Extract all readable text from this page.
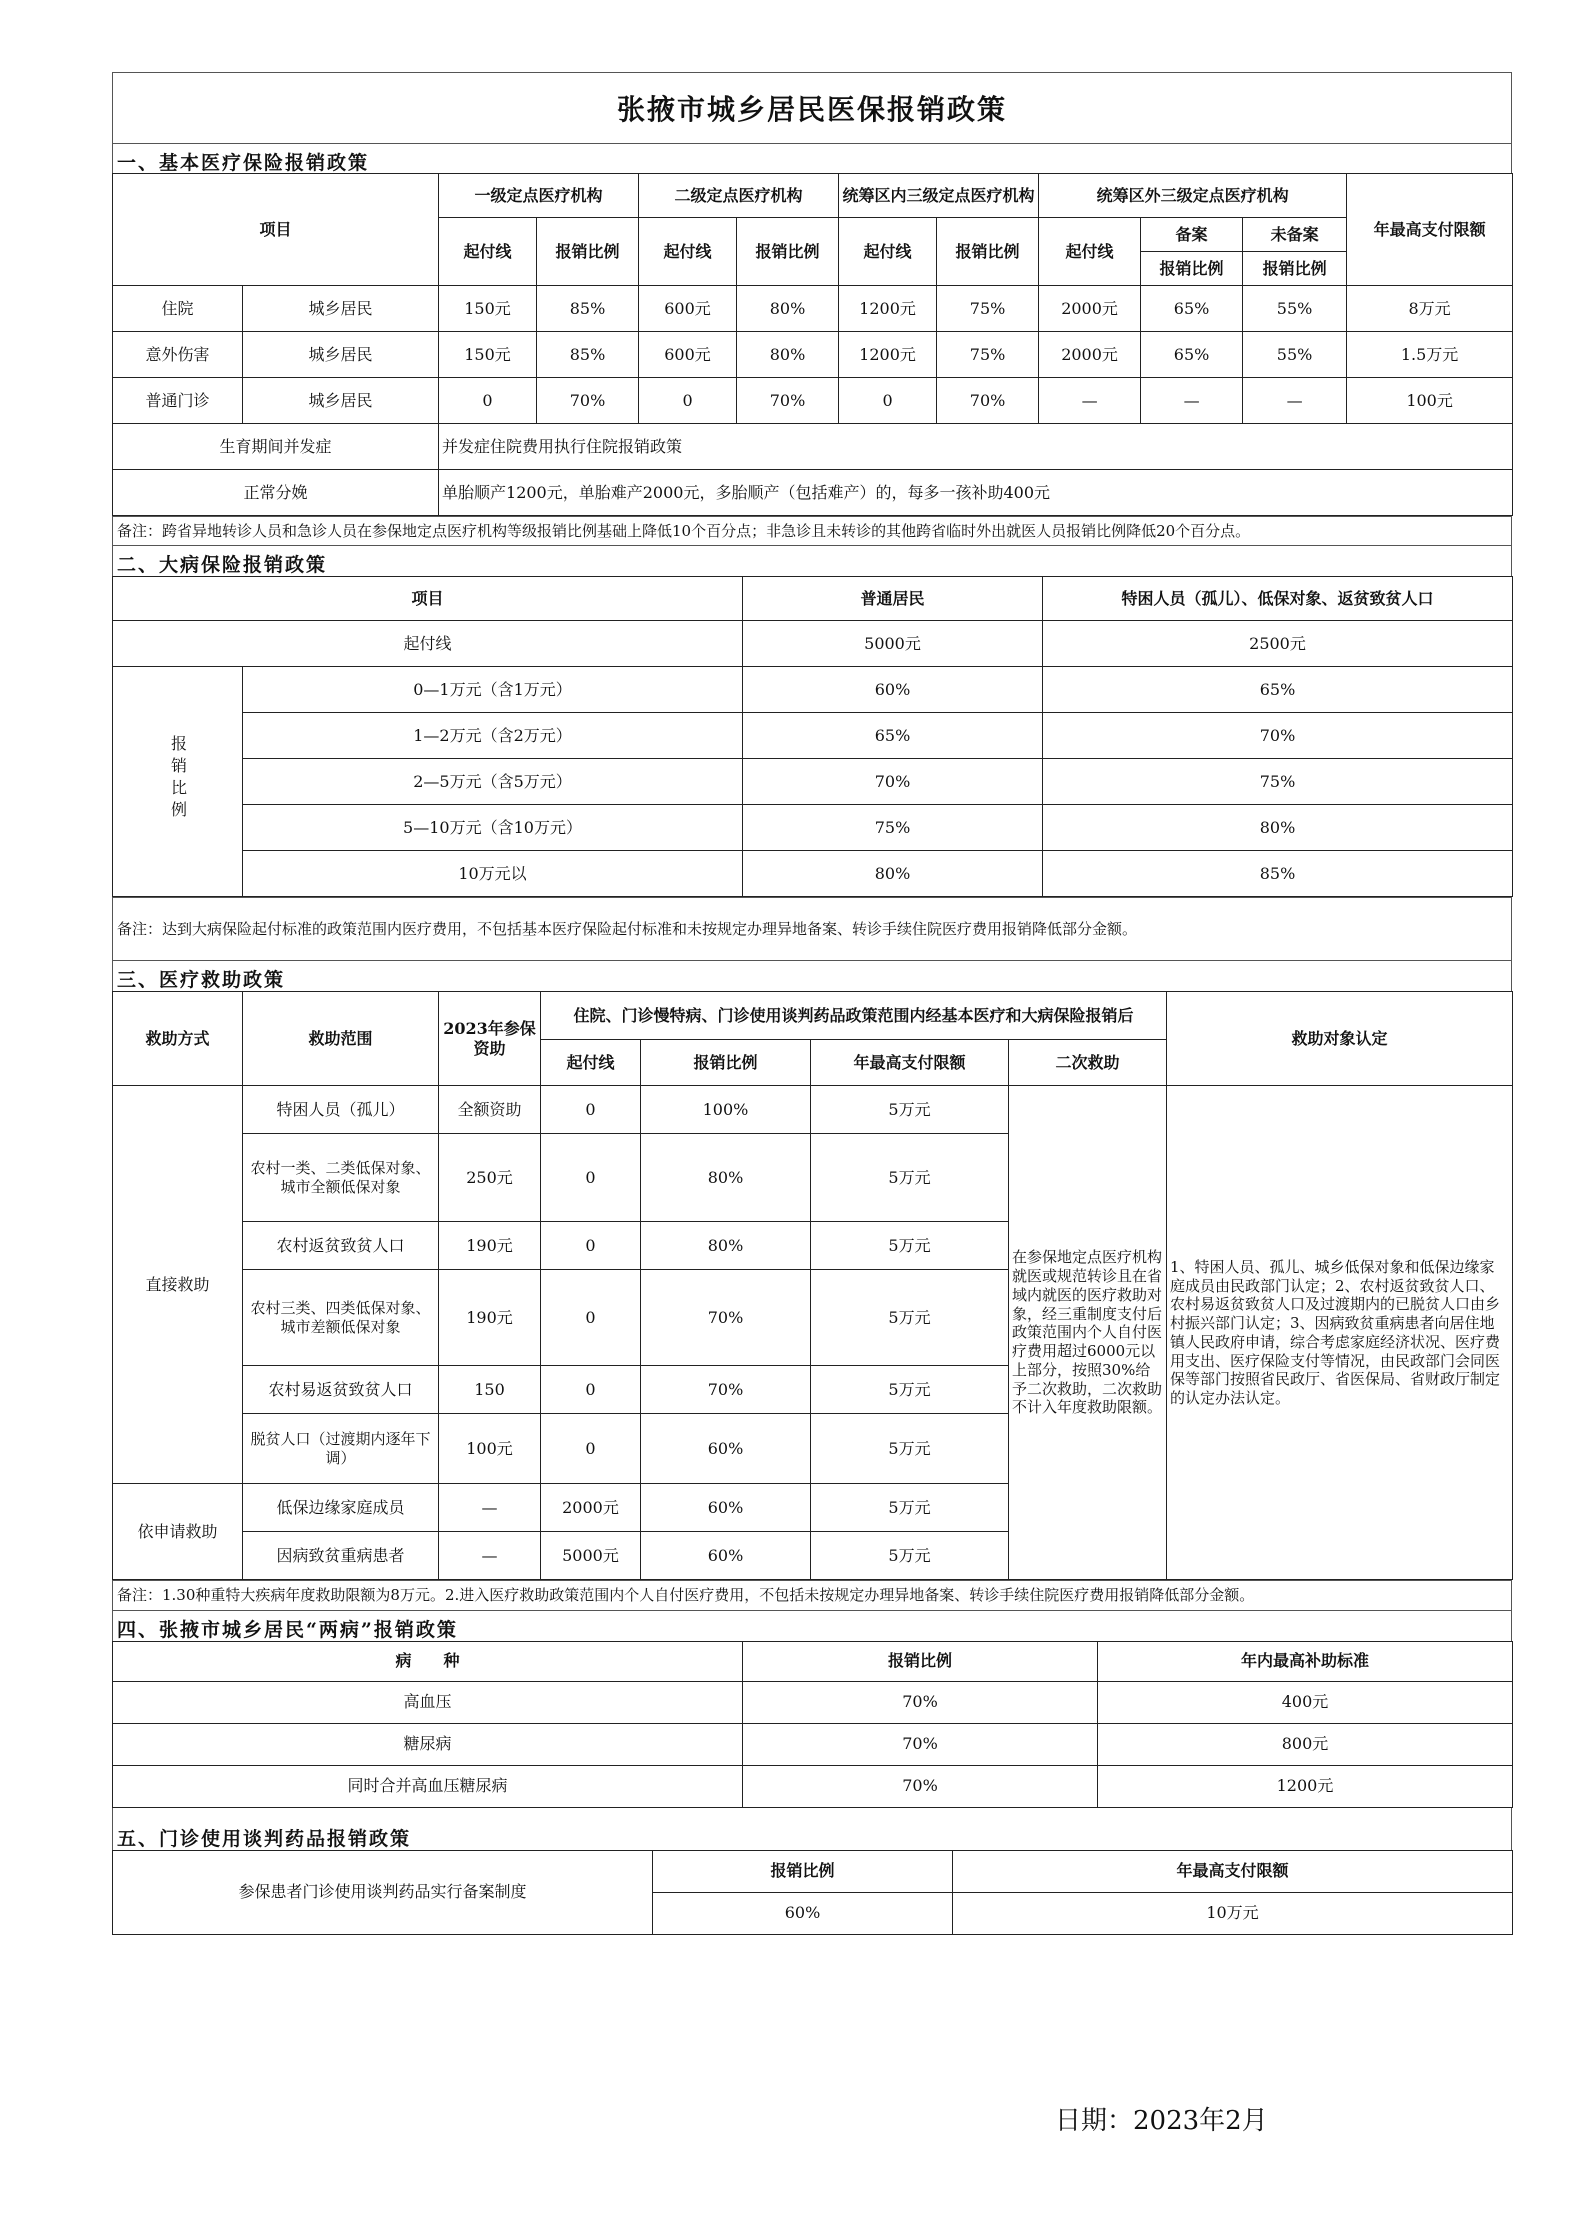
张掖市城乡居民医保报销政策
一、基本医疗保险报销政策
项目		一级定点医疗机构		二级定点医疗机构		统筹区内三级定点医疗机构		统筹区外三级定点医疗机构			年最高支付限额
		起付线	报销比例	起付线	报销比例	起付线	报销比例	起付线	备案	未备案	
									报销比例	报销比例	
住院	城乡居民	150元	85%	600元	80%	1200元	75%	2000元	65%	55%	8万元
意外伤害	城乡居民	150元	85%	600元	80%	1200元	75%	2000元	65%	55%	1.5万元
普通门诊	城乡居民	0	70%	0	70%	0	70%	—	—	—	100元
生育期间并发症		并发症住院费用执行住院报销政策									
正常分娩		单胎顺产1200元，单胎难产2000元，多胎顺产（包括难产）的，每多一孩补助400元									
备注：跨省异地转诊人员和急诊人员在参保地定点医疗机构等级报销比例基础上降低10个百分点；非急诊且未转诊的其他跨省临时外出就医人员报销比例降低20个百分点。
二、大病保险报销政策
项目		普通居民	特困人员（孤儿）、低保对象、返贫致贫人口
起付线		5000元	2500元
报销比例	0—1万元（含1万元）	60%	65%
	1—2万元（含2万元）	65%	70%
	2—5万元（含5万元）	70%	75%
	5—10万元（含10万元）	75%	80%
	10万元以	80%	85%
备注：达到大病保险起付标准的政策范围内医疗费用，不包括基本医疗保险起付标准和未按规定办理异地备案、转诊手续住院医疗费用报销降低部分金额。
三、医疗救助政策
救助方式	救助范围	2023年参保资助	住院、门诊慢特病、门诊使用谈判药品政策范围内经基本医疗和大病保险报销后				救助对象认定
			起付线	报销比例	年最高支付限额	二次救助	
直接救助	特困人员（孤儿）	全额资助	0	100%	5万元	在参保地定点医疗机构就医或规范转诊且在省域内就医的医疗救助对象，经三重制度支付后政策范围内个人自付医疗费用超过6000元以上部分，按照30%给予二次救助，二次救助不计入年度救助限额。	1、特困人员、孤儿、城乡低保对象和低保边缘家庭成员由民政部门认定；2、农村返贫致贫人口、农村易返贫致贫人口及过渡期内的已脱贫人口由乡村振兴部门认定；3、因病致贫重病患者向居住地镇人民政府申请，综合考虑家庭经济状况、医疗费用支出、医疗保险支付等情况，由民政部门会同医保等部门按照省民政厅、省医保局、省财政厅制定的认定办法认定。
	农村一类、二类低保对象、城市全额低保对象	250元	0	80%	5万元		
	农村返贫致贫人口	190元	0	80%	5万元		
	农村三类、四类低保对象、城市差额低保对象	190元	0	70%	5万元		
	农村易返贫致贫人口	150	0	70%	5万元		
	脱贫人口（过渡期内逐年下调）	100元	0	60%	5万元		
依申请救助	低保边缘家庭成员	—	2000元	60%	5万元		
	因病致贫重病患者	—	5000元	60%	5万元		
备注：1.30种重特大疾病年度救助限额为8万元。2.进入医疗救助政策范围内个人自付医疗费用，不包括未按规定办理异地备案、转诊手续住院医疗费用报销降低部分金额。
四、张掖市城乡居民“两病”报销政策
病　　种	报销比例	年内最高补助标准
高血压	70%	400元
糖尿病	70%	800元
同时合并高血压糖尿病	70%	1200元
五、门诊使用谈判药品报销政策
参保患者门诊使用谈判药品实行备案制度	报销比例	年最高支付限额
	60%	10万元
日期：2023年2月
